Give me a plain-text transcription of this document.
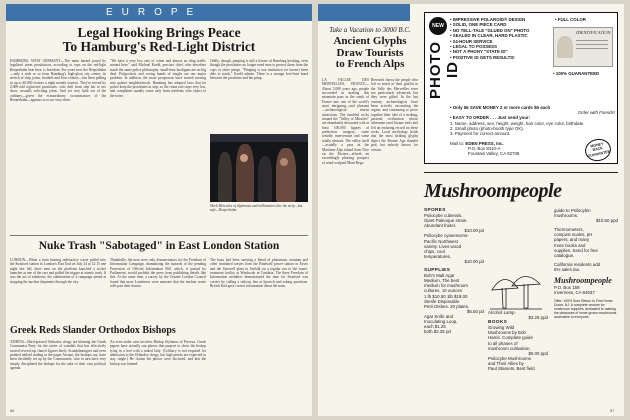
EUROPE
Legal Hooking Brings Peace
To Hamburg's Red-Light District

HAMBURG, WEST GERMANY—The main hazard posed by legalized street prostitution, according to cops on the red-light Reeperbahn beat here, is boredom. For years now the Reeperbahn—only a mile or so from Hamburg's high-gloss city center, its stretch of strip joints, brothels and Eros centers—has been pulling in up to 40,000 visitors a night mainly tourists. They're served by 2,000-odd registered prostitutes, who drift from step bar to sex show, sexually soliciting johns. And yet very little out of the ordinary—given the extraordinary circumstances of the Reeperbahn—appears to occur very often.

"We have a very low rate of crime and almost no drug traffic around here," said Michael Koehl, precinct chief, who describes much the same police philosophy: small-time hooligans are no big deal. Pickpockets and roving bands of toughs are our major problem. In addition, the more prosperous have started moving into quieter neighborhoods. Hamburg has adopted laws that let police keep the prostitutes in step, so the crime rate stays very low, and complaints usually come only from residents who object to the noise.

Oddly, though, pimping is still a fixture of Hamburg hooking, even though the prostitutes no longer need men to protect them from the cops or other pimps. "Pimping is one institution we haven't been able to touch," Koehl admits. There is a strange love-hate bond between the prostitute and her pimp.

Sleek Mercedes of diplomats and millionaires line the strip—but safe—Reeperbahn.
Nuke Trash "Sabotaged" in East London Station

LONDON—When a train bearing radioactive waste pulled into the Stratford station in London's East End on July 24 at 12:15 one night last fall, three men on the platform knocked a rocket launcher at one of the cars and pulled the trigger at atomic trash. It was the act of saboteurs, the culmination of a campaign aimed at stopping the nuclear shipments through the city.

Thankfully, the men were only demonstrators for the Freedom of Information Campaign, dramatizing the hazards of the pending Protection of Official Information Bill, which, if passed by Parliament, would prohibit the press from publishing details like this. At the same time, a survey by the Greater London Council found that most Londoners were unaware that the nuclear waste rolls past their homes.

The hoax had been carrying a blend of plutonium, uranium and other irradiated wastes from the Bradwell power station in Essex and the Sizewell plant in Suffolk on a regular run to the waste-treatment facility at Windscale in Cumbria. The three Freedom of Information members demonstrated the time for Stratford was correct by calling a railway line at Ipswich and asking questions. British Rail gave correct information about the train.

Greek Reds Slander Orthodox Bishops

ATHENS—Hard-pressed Orthodox clergy are blaming the Greek Communist Party for the series of scandals that has effectively soured several top church figures lately. Scandalmongers and even pointed tabloid trading in the paper Avriani, the bishops say, have been decidedly set up by the Communists, who in turn have very simply disciplined the bishops for the sake of their own political agenda.

An even wider case involves Bishop Stylianos of Preveza. Greek papers have actually run photos that purport to show the bishop lying in a bed with a naked lady. (Celibacy is not required for admission to the Orthodox clergy, but high priests are expected to stay single.) He claims the photos were doctored, and that the bishop was framed.

86
Take a Vacation to 3000 B.C.
Ancient Glyphs
Draw Tourists
to French Alps

LA VALLEE DES MERVEILLES, FRANCE—About 5,000 years ago, people succeeded in making this mountain pass in the south of France into one of the world's most intriguing—and pleasant—archaeological tourist attractions. The tumbled rocks around the "Valley of Miracles" are abundantly decorated with at least 100,000 figures of prehistoric imagery, some weirdly intervention and some totally abstract. The valley itself—actually a pass in the Maritime Alps inland from Nice on the Riviera—affords an exceedingly pleasing prospect of wind-sculpted Mont Bego.

Research shows the people who left so much of their graffiti in the Valle des Merveilles were not particularly advanced, but they were gifted. In the last century, archaeologists have been actively excavating the region, and continuing to piece together their idea of a striking, pastoral civilization whose tribesmen used bronze tools and left an enduring record on these rocks. Local mythology holds that the most striking glyphs depict the Bronze Age thunder god, but nobody knows for certain.

NEW
PHOTO ID
• IMPRESSIVE POLAROID® DESIGN
• SOLID, ONE PIECE CARD
• NO TELL-TALE "GLUED ON" PHOTO
• SEALED IN CLEAR, HARD PLASTIC
• 24-HOUR SERVICE
• LEGAL TO POSSESS
• NOT A PHONY "STATE ID"
• POSITIVE ID GETS RESULTS!
• FULL COLOR
IDENTIFICATION
• 100% GUARANTEED
• Only $6 SAVE MONEY 2 or more cards $5 each
Order with Friends!
• EASY TO ORDER . . . Just send your:
1. Name, address, sex, height, weight, hair color, eye color, birthdate.
2. Small photo (photo-booth type OK).
3. Payment for correct amount.
Mail to: EDEN PRESS, Inc.
P.O. Box 8410-A
Fountain Valley, CA 92708
MONEY BACK GUARANTEE
Mushroompeople
SPORES
Psilocybe cubensis.
Giant Palenque strain.
Abundant fruiter.
$10.00 pd
Psilocybe cyanescens-
Pacific Northwest
variety. Lives wood
chips, cool
temperatures.
$10.00 pd
SUPPLIES
Bob's Malt Agar
Medium. The best
medium for mushroom
cultures. 10 ounces
1 lb $10.50 1lb $19.00
Sterile Disposable
Petri Dishes. 20 plates.
$6.50 pd
Agar Knife and
Inoculating Loop,
each $1.25
both $2.25 pd
Alcohol Lamp.
$3.25 ppd
BOOKS
Growing Wild
Mushrooms by Bob
Harris. Complete guide
to all phases of
mushroom cultivation.
$5.00 ppd
Psilocybe Mushrooms
and Their Allies by
Paul Stamets. Best field
guide to Psilocybin
mushrooms.
$10.50 ppd
Thermometers,
compost scales, pH
papers, and many
more books and
supplies. Send for free
catalogue.
California residents add
6% sales tax.
Mushroompeople
P.O. Box 158
Inverness, CA 94937
Offer: 100% Sure Return to First Home Doors. NJ. A complete venture for mushroom supplies, dedicated to making the pleasures of home grown mushrooms accessible to everyone.
87
